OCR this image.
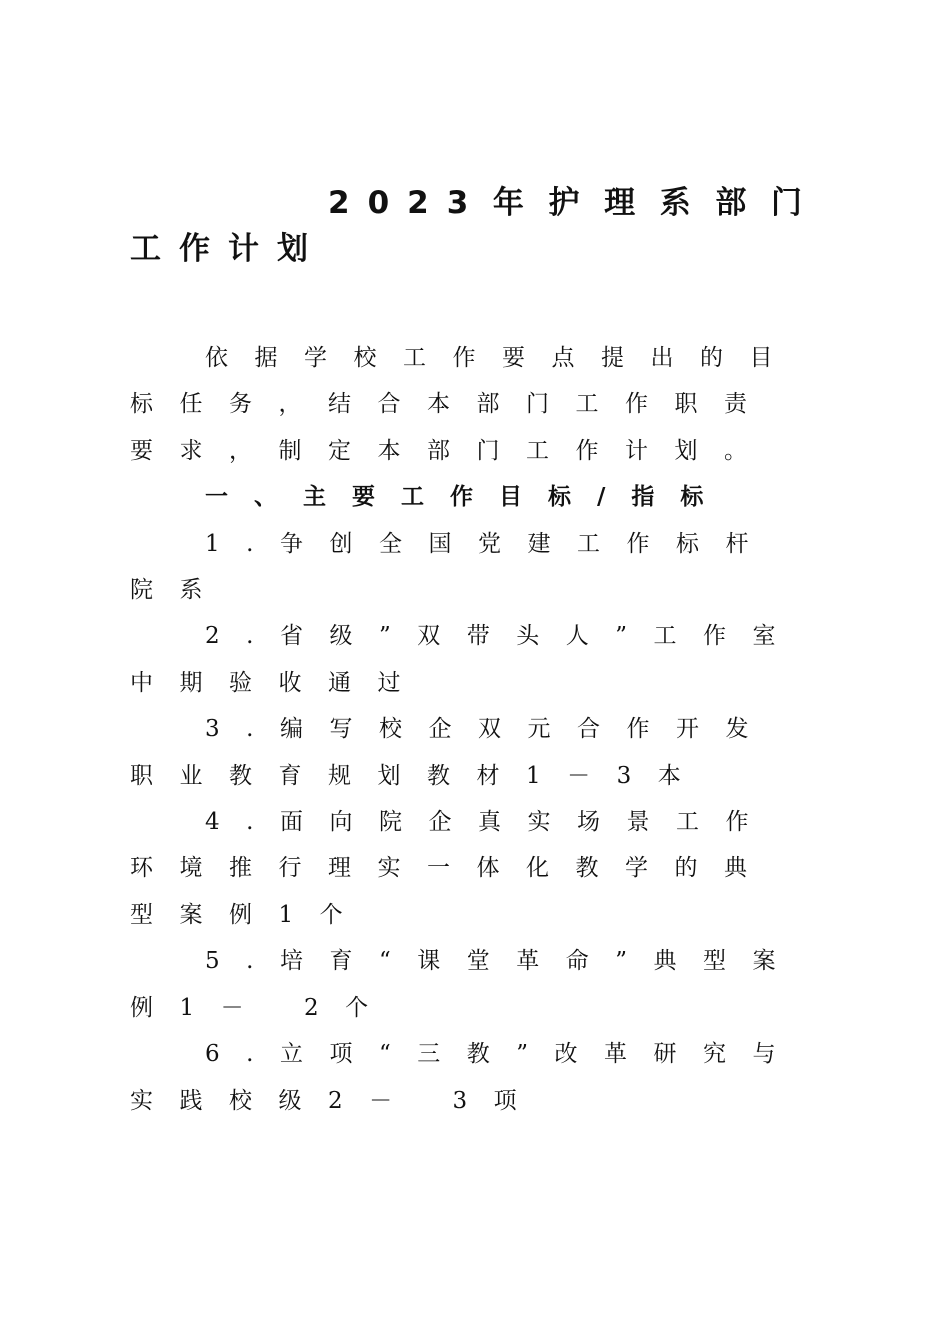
2023年护理系部门工作计划

依据学校工作要点提出的目标任务，结合本部门工作职责要求，制定本部门工作计划。

一、主要工作目标/指标

1.争创全国党建工作标杆院系

2.省级”双带头人”工作室中期验收通过

3.编写校企双元合作开发职业教育规划教材1－3本

4.面向院企真实场景工作环境推行理实一体化教学的典型案例1个

5.培育“课堂革命”典型案例1－ 2个

6.立项“三教”改革研究与实践校级2－ 3项
